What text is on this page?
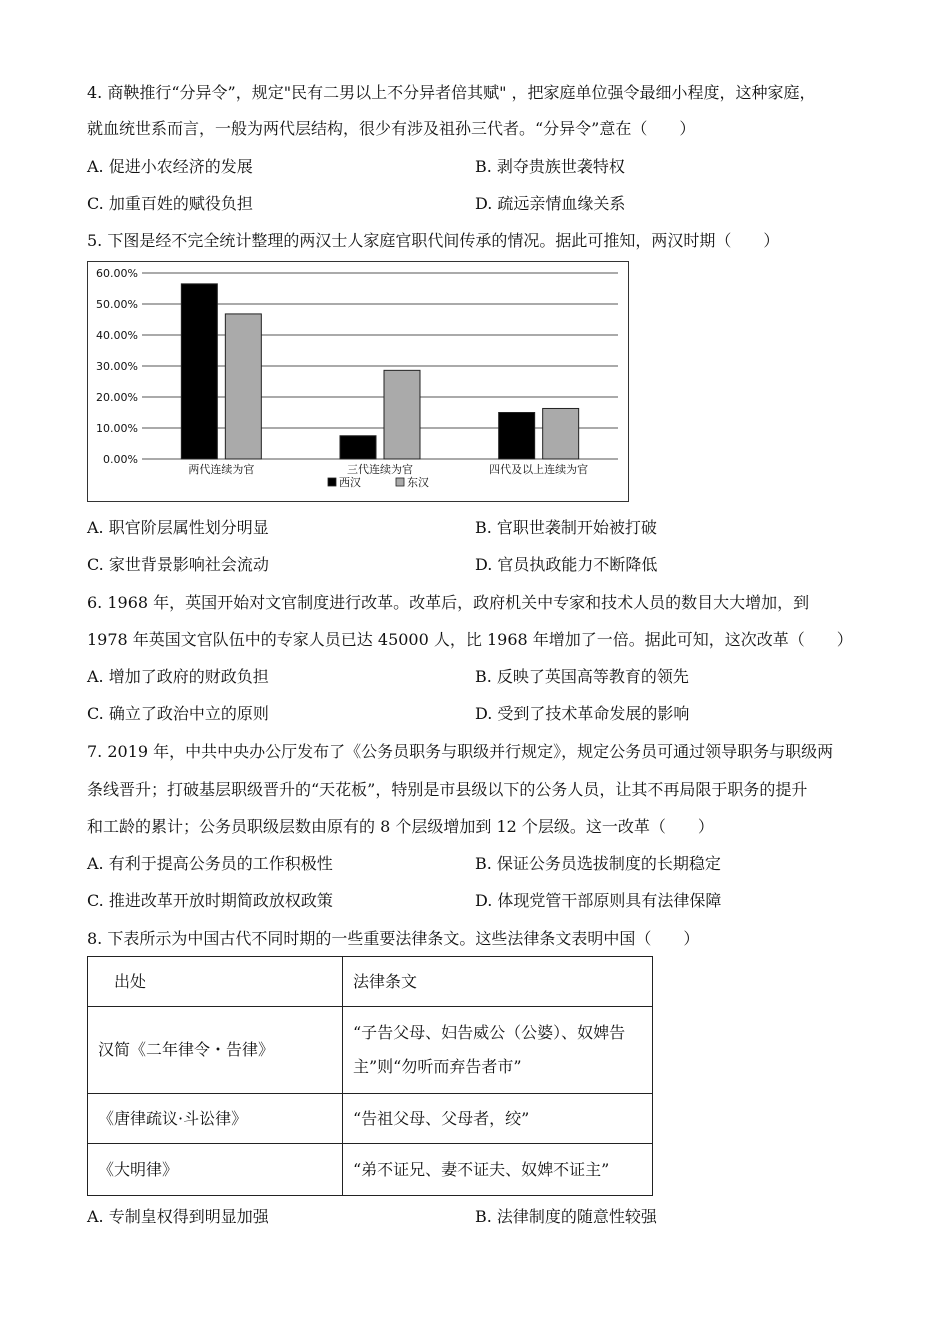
4. 商鞅推行“分异令”，规定"民有二男以上不分异者倍其赋" ，把家庭单位强令最细小程度，这种家庭，
就血统世系而言，一般为两代层结构，很少有涉及祖孙三代者。“分异令”意在（　　）
A. 促进小农经济的发展	B. 剥夺贵族世袭特权
C. 加重百姓的赋役负担	D. 疏远亲情血缘关系
5. 下图是经不完全统计整理的两汉士人家庭官职代间传承的情况。据此可推知，两汉时期（　　）
0.00%
10.00%
20.00%
30.00%
40.00%
50.00%
60.00%
两代连续为官	三代连续为官	四代及以上连续为官
西汉	东汉
A. 职官阶层属性划分明显	B. 官职世袭制开始被打破
C. 家世背景影响社会流动	D. 官员执政能力不断降低
6. 1968 年，英国开始对文官制度进行改革。改革后，政府机关中专家和技术人员的数目大大增加，到
1978 年英国文官队伍中的专家人员已达 45000 人，比 1968 年增加了一倍。据此可知，这次改革（　　）
A. 增加了政府的财政负担	B. 反映了英国高等教育的领先
C. 确立了政治中立的原则	D. 受到了技术革命发展的影响
7. 2019 年，中共中央办公厅发布了《公务员职务与职级并行规定》，规定公务员可通过领导职务与职级两
条线晋升；打破基层职级晋升的“天花板”，特别是市县级以下的公务人员，让其不再局限于职务的提升
和工龄的累计；公务员职级层数由原有的 8 个层级增加到 12 个层级。这一改革（　　）
A. 有利于提高公务员的工作积极性	B. 保证公务员选拔制度的长期稳定
C. 推进改革开放时期简政放权政策	D. 体现党管干部原则具有法律保障
8. 下表所示为中国古代不同时期的一些重要法律条文。这些法律条文表明中国（　　）
出处	法律条文
汉简《二年律令・告律》	“子告父母、妇告威公（公婆）、奴婢告
主”则“勿听而弃告者市”

《唐律疏议·斗讼律》	“告祖父母、父母者，绞”
《大明律》	“弟不证兄、妻不证夫、奴婢不证主”
A. 专制皇权得到明显加强	B. 法律制度的随意性较强
